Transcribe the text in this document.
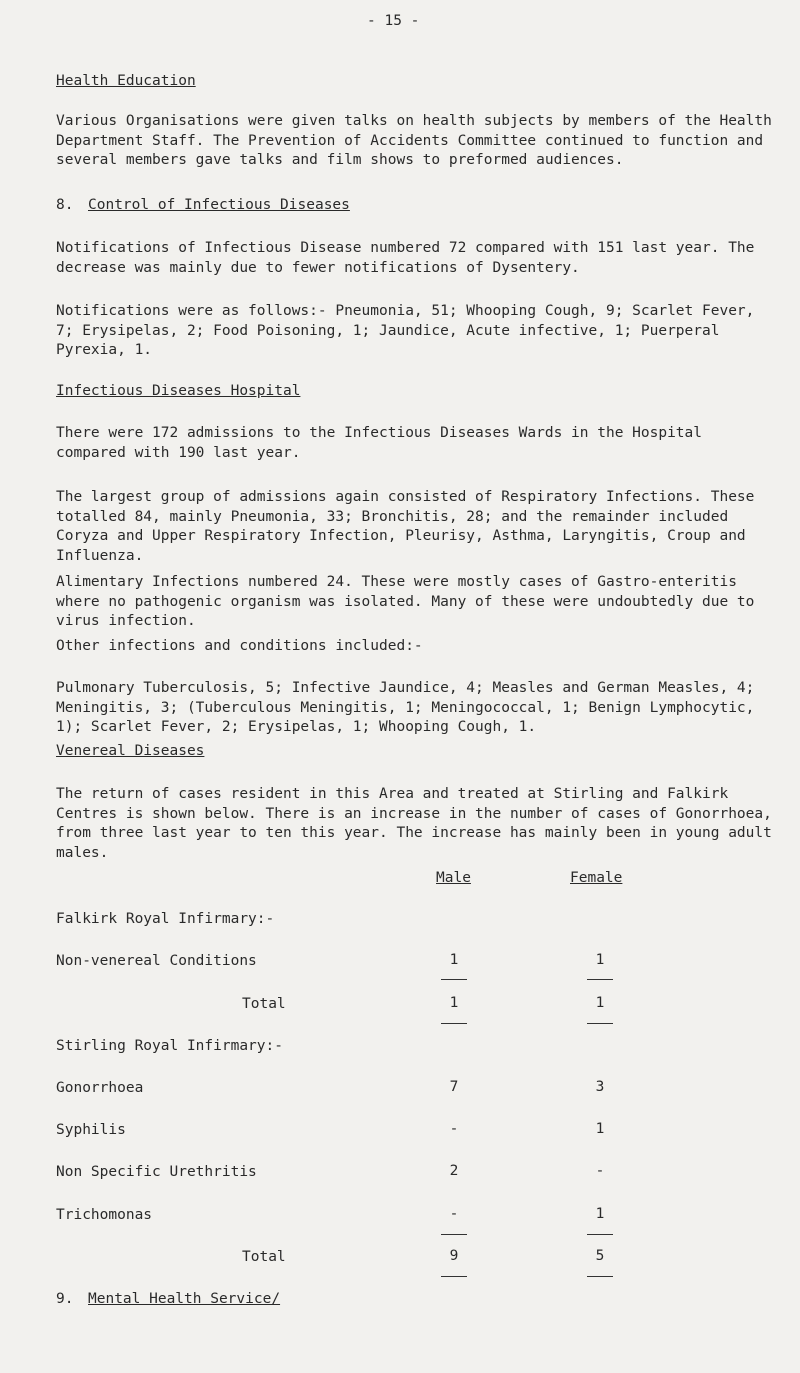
- 15 -
Health Education
Various Organisations were given talks on health subjects by members of the Health Department Staff. The Prevention of Accidents Committee continued to function and several members gave talks and film shows to preformed audiences.
8. Control of Infectious Diseases
Notifications of Infectious Disease numbered 72 compared with 151 last year. The decrease was mainly due to fewer notifications of Dysentery.
Notifications were as follows:- Pneumonia, 51; Whooping Cough, 9; Scarlet Fever, 7; Erysipelas, 2; Food Poisoning, 1; Jaundice, Acute infective, 1; Puerperal Pyrexia, 1.
Infectious Diseases Hospital
There were 172 admissions to the Infectious Diseases Wards in the Hospital compared with 190 last year.
The largest group of admissions again consisted of Respiratory Infections. These totalled 84, mainly Pneumonia, 33; Bronchitis, 28; and the remainder included Coryza and Upper Respiratory Infection, Pleurisy, Asthma, Laryngitis, Croup and Influenza.
Alimentary Infections numbered 24. These were mostly cases of Gastro-enteritis where no pathogenic organism was isolated. Many of these were undoubtedly due to virus infection.
Other infections and conditions included:-
Pulmonary Tuberculosis, 5; Infective Jaundice, 4; Measles and German Measles, 4; Meningitis, 3; (Tuberculous Meningitis, 1; Meningococcal, 1; Benign Lymphocytic, 1); Scarlet Fever, 2; Erysipelas, 1; Whooping Cough, 1.
Venereal Diseases
The return of cases resident in this Area and treated at Stirling and Falkirk Centres is shown below. There is an increase in the number of cases of Gonorrhoea, from three last year to ten this year. The increase has mainly been in young adult males.
Male	Female
Falkirk Royal Infirmary:-
Non-venereal Conditions	1	1
Total	1	1
Stirling Royal Infirmary:-
Gonorrhoea	7	3
Syphilis	-	1
Non Specific Urethritis	2	-
Trichomonas	-	1
Total	9	5
9. Mental Health Service/
